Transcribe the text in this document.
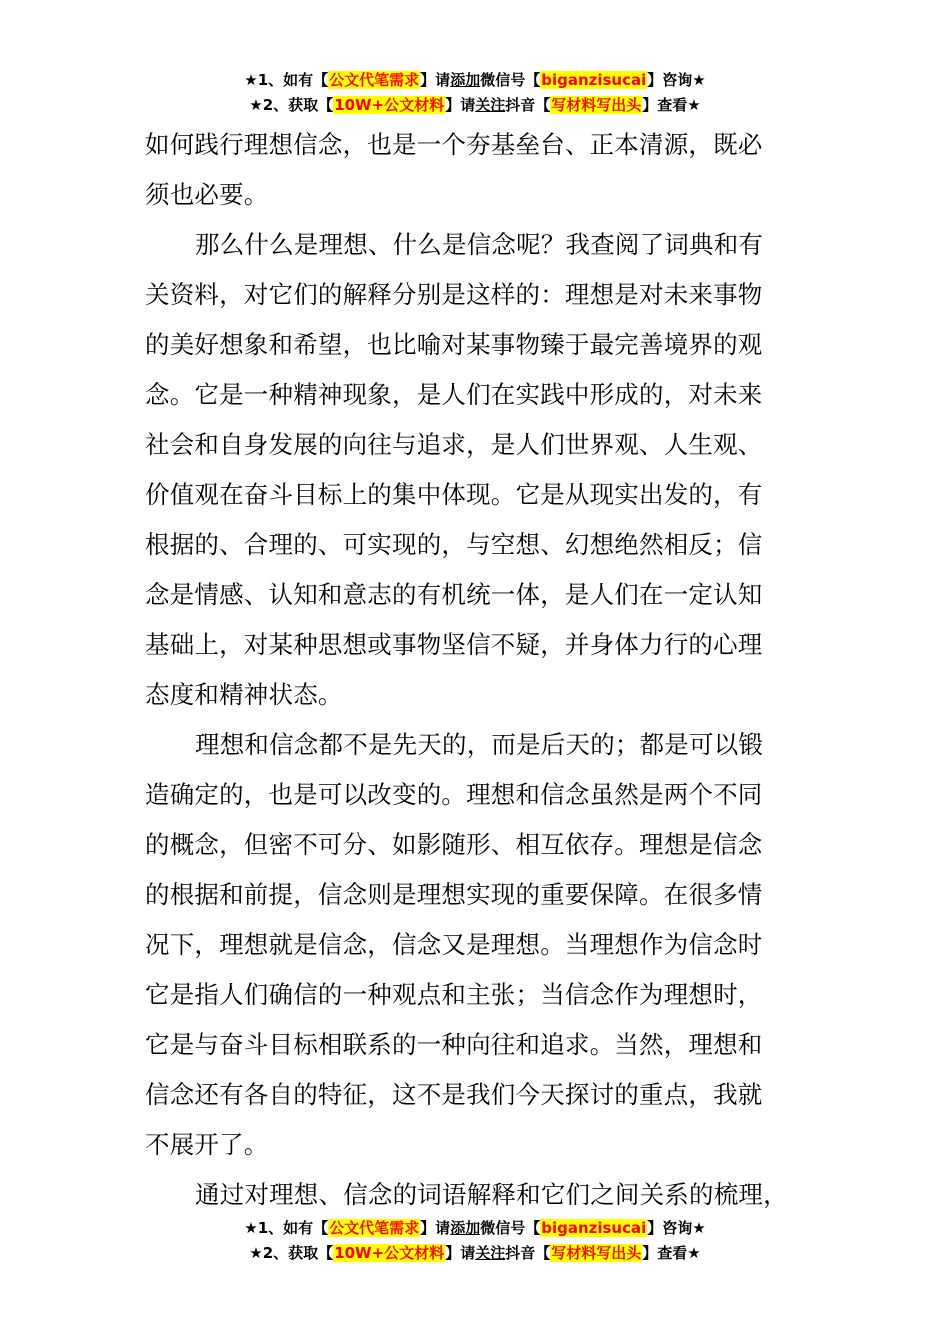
★1、如有【公文代笔需求】请添加微信号【biganzisucai】咨询★
★2、获取【10W+公文材料】请关注抖音【写材料写出头】查看★

如何践行理想信念，也是一个夯基垒台、正本清源，既必

须也必要。

那么什么是理想、什么是信念呢？我查阅了词典和有

关资料，对它们的解释分别是这样的：理想是对未来事物

的美好想象和希望，也比喻对某事物臻于最完善境界的观

念。它是一种精神现象，是人们在实践中形成的，对未来

社会和自身发展的向往与追求，是人们世界观、人生观、

价值观在奋斗目标上的集中体现。它是从现实出发的，有

根据的、合理的、可实现的，与空想、幻想绝然相反；信

念是情感、认知和意志的有机统一体，是人们在一定认知

基础上，对某种思想或事物坚信不疑，并身体力行的心理

态度和精神状态。

理想和信念都不是先天的，而是后天的；都是可以锻

造确定的，也是可以改变的。理想和信念虽然是两个不同

的概念，但密不可分、如影随形、相互依存。理想是信念

的根据和前提，信念则是理想实现的重要保障。在很多情

况下，理想就是信念，信念又是理想。当理想作为信念时

它是指人们确信的一种观点和主张；当信念作为理想时，

它是与奋斗目标相联系的一种向往和追求。当然，理想和

信念还有各自的特征，这不是我们今天探讨的重点，我就

不展开了。

通过对理想、信念的词语解释和它们之间关系的梳理，

★1、如有【公文代笔需求】请添加微信号【biganzisucai】咨询★
★2、获取【10W+公文材料】请关注抖音【写材料写出头】查看★
